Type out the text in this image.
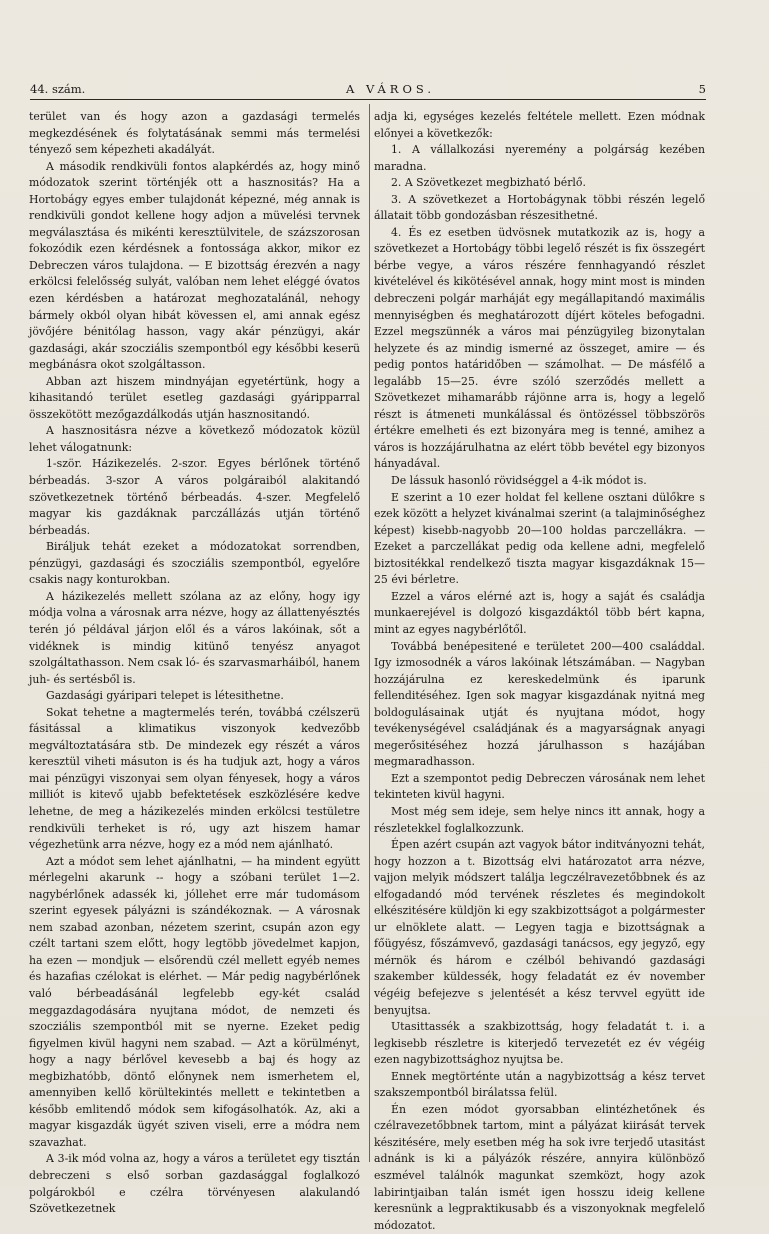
44. szám.	A VÁROS.	5

terület van és hogy azon a gazdasági termelés megkezdésének és folytatásának semmi más termelési tényező sem képezheti akadályát.

A második rendkivüli fontos alapkérdés az, hogy minő módozatok szerint történjék ott a hasznositás? Ha a Hortobágy egyes ember tulajdonát képezné, még annak is rendkivüli gondot kellene hogy adjon a müvelési tervnek megválasztása és mikénti keresztülvitele, de százszorosan fokozódik ezen kérdésnek a fontossága akkor, mikor ez Debreczen város tulajdona. — E bizottság érezvén a nagy erkölcsi felelősség sulyát, valóban nem lehet eléggé óvatos ezen kérdésben a határozat meghozatalánál, nehogy bármely okból olyan hibát kövessen el, ami annak egész jövőjére bénitólag hasson, vagy akár pénzügyi, akár gazdasági, akár szocziális szempontból egy későbbi keserü megbánásra okot szolgáltasson.

Abban azt hiszem mindnyájan egyetértünk, hogy a kihasitandó terület esetleg gazdasági gyáripparral összekötött mezőgazdálkodás utján hasznositandó.

A hasznositásra nézve a következő módozatok közül lehet válogatnunk:

1-ször. Házikezelés. 2-szor. Egyes bérlőnek történő bérbeadás. 3-szor A város polgáraiból alakitandó szövetkezetnek történő bérbeadás. 4-szer. Megfelelő magyar kis gazdáknak parczállázás utján történő bérbeadás.

Biráljuk tehát ezeket a módozatokat sorrendben, pénzügyi, gazdasági és szocziális szempontból, egyelőre csakis nagy konturokban.

A házikezelés mellett szólana az az előny, hogy igy módja volna a városnak arra nézve, hogy az állattenyésztés terén jó példával járjon elől és a város lakóinak, sőt a vidéknek is mindig kitünő tenyész anyagot szolgáltathasson. Nem csak ló- és szarvasmarháiból, hanem juh- és sertésből is.

Gazdasági gyáripari telepet is létesithetne.

Sokat tehetne a magtermelés terén, továbbá czélszerü fásitással a klimatikus viszonyok kedvezőbb megváltoztatására stb. De mindezek egy részét a város keresztül viheti másuton is és ha tudjuk azt, hogy a város mai pénzügyi viszonyai sem olyan fényesek, hogy a város milliót is kitevő ujabb befektetések eszközlésére kedve lehetne, de meg a házikezelés minden erkölcsi testületre rendkivüli terheket is ró, ugy azt hiszem hamar végezhetünk arra nézve, hogy ez a mód nem ajánlható.

Azt a módot sem lehet ajánlhatni, — ha mindent együtt mérlegelni akarunk -- hogy a szóbani terület 1—2. nagybérlőnek adassék ki, jóllehet erre már tudomásom szerint egyesek pályázni is szándékoznak. — A városnak nem szabad azonban, nézetem szerint, csupán azon egy czélt tartani szem előtt, hogy legtöbb jövedelmet kapjon, ha ezen — mondjuk — elsőrendü czél mellett egyéb nemes és hazafias czélokat is elérhet. — Már pedig nagybérlőnek való bérbeadásánál legfelebb egy-két család meggazdagodására nyujtana módot, de nemzeti és szocziális szempontból mit se nyerne. Ezeket pedig figyelmen kivül hagyni nem szabad. — Azt a körülményt, hogy a nagy bérlővel kevesebb a baj és hogy az megbizhatóbb, döntő előnynek nem ismerhetem el, amennyiben kellő körültekintés mellett e tekintetben a később emlitendő módok sem kifogásolhatók. Az, aki a magyar kisgazdák ügyét sziven viseli, erre a módra nem szavazhat.

A 3-ik mód volna az, hogy a város a területet egy tisztán debreczeni s első sorban gazdasággal foglalkozó polgárokból e czélra törvényesen alakulandó Szövetkezetnek

adja ki, egységes kezelés feltétele mellett. Ezen módnak előnyei a következők:

1. A vállalkozási nyeremény a polgárság kezében maradna.

2. A Szövetkezet megbizható bérlő.

3. A szövetkezet a Hortobágynak többi részén legelő állatait több gondozásban részesithetné.

4. És ez esetben üdvösnek mutatkozik az is, hogy a szövetkezet a Hortobágy többi legelő részét is fix összegért bérbe vegye, a város részére fennhagyandó részlet kivételével és kikötésével annak, hogy mint most is minden debreczeni polgár marháját egy megállapitandó maximális mennyiségben és meghatározott díjért köteles befogadni. Ezzel megszünnék a város mai pénzügyileg bizonytalan helyzete és az mindig ismerné az összeget, amire — és pedig pontos határidőben — számolhat. — De másfélő a legalább 15—25. évre szóló szerződés mellett a Szövetkezet mihamarább rájönne arra is, hogy a legelő részt is átmeneti munkálással és öntözéssel többszörös értékre emelheti és ezt bizonyára meg is tenné, amihez a város is hozzájárulhatna az elért több bevétel egy bizonyos hányadával.

De lássuk hasonló rövidséggel a 4-ik módot is.

E szerint a 10 ezer holdat fel kellene osztani dülőkre s ezek között a helyzet kivánalmai szerint (a talajminőséghez képest) kisebb-nagyobb 20—100 holdas parczellákra. — Ezeket a parczellákat pedig oda kellene adni, megfelelő biztositékkal rendelkező tiszta magyar kisgazdáknak 15—25 évi bérletre.

Ezzel a város elérné azt is, hogy a saját és családja munkaerejével is dolgozó kisgazdáktól több bért kapna, mint az egyes nagybérlőtől.

Továbbá benépesitené e területet 200—400 családdal. Igy izmosodnék a város lakóinak létszámában. — Nagyban hozzájárulna ez kereskedelmünk és iparunk fellenditéséhez. Igen sok magyar kisgazdának nyitná meg boldogulásainak utját és nyujtana módot, hogy tevékenységével családjának és a magyarságnak anyagi megerősitéséhez hozzá járulhasson s hazájában megmaradhasson.

Ezt a szempontot pedig Debreczen városának nem lehet tekinteten kivül hagyni.

Most még sem ideje, sem helye nincs itt annak, hogy a részletekkel foglalkozzunk.

Épen azért csupán azt vagyok bátor inditványozni tehát, hogy hozzon a t. Bizottság elvi határozatot arra nézve, vajjon melyik módszert találja legczélravezetőbbnek és az elfogadandó mód tervének részletes és megindokolt elkészitésére küldjön ki egy szakbizottságot a polgármester ur elnöklete alatt. — Legyen tagja e bizottságnak a főügyész, főszámvevő, gazdasági tanácsos, egy jegyző, egy mérnök és három e czélból behivandó gazdasági szakember küldessék, hogy feladatát ez év november végéig befejezve s jelentését a kész tervvel együtt ide benyujtsa.

Utasittassék a szakbizottság, hogy feladatát t. i. a legkisebb részletre is kiterjedő tervezetét ez év végéig ezen nagybizottsághoz nyujtsa be.

Ennek megtörténte után a nagybizottság a kész tervet szakszempontból birálatssa felül.

Én ezen módot gyorsabban elintézhetőnek és czélravezetőbbnek tartom, mint a pályázat kiirását tervek készitésére, mely esetben még ha sok ivre terjedő utasitást adnánk is ki a pályázók részére, annyira különböző eszmével találnók magunkat szemközt, hogy azok labirintjaiban talán ismét igen hosszu ideig kellene keresnünk a legpraktikusabb és a viszonyoknak megfelelő módozatot.
